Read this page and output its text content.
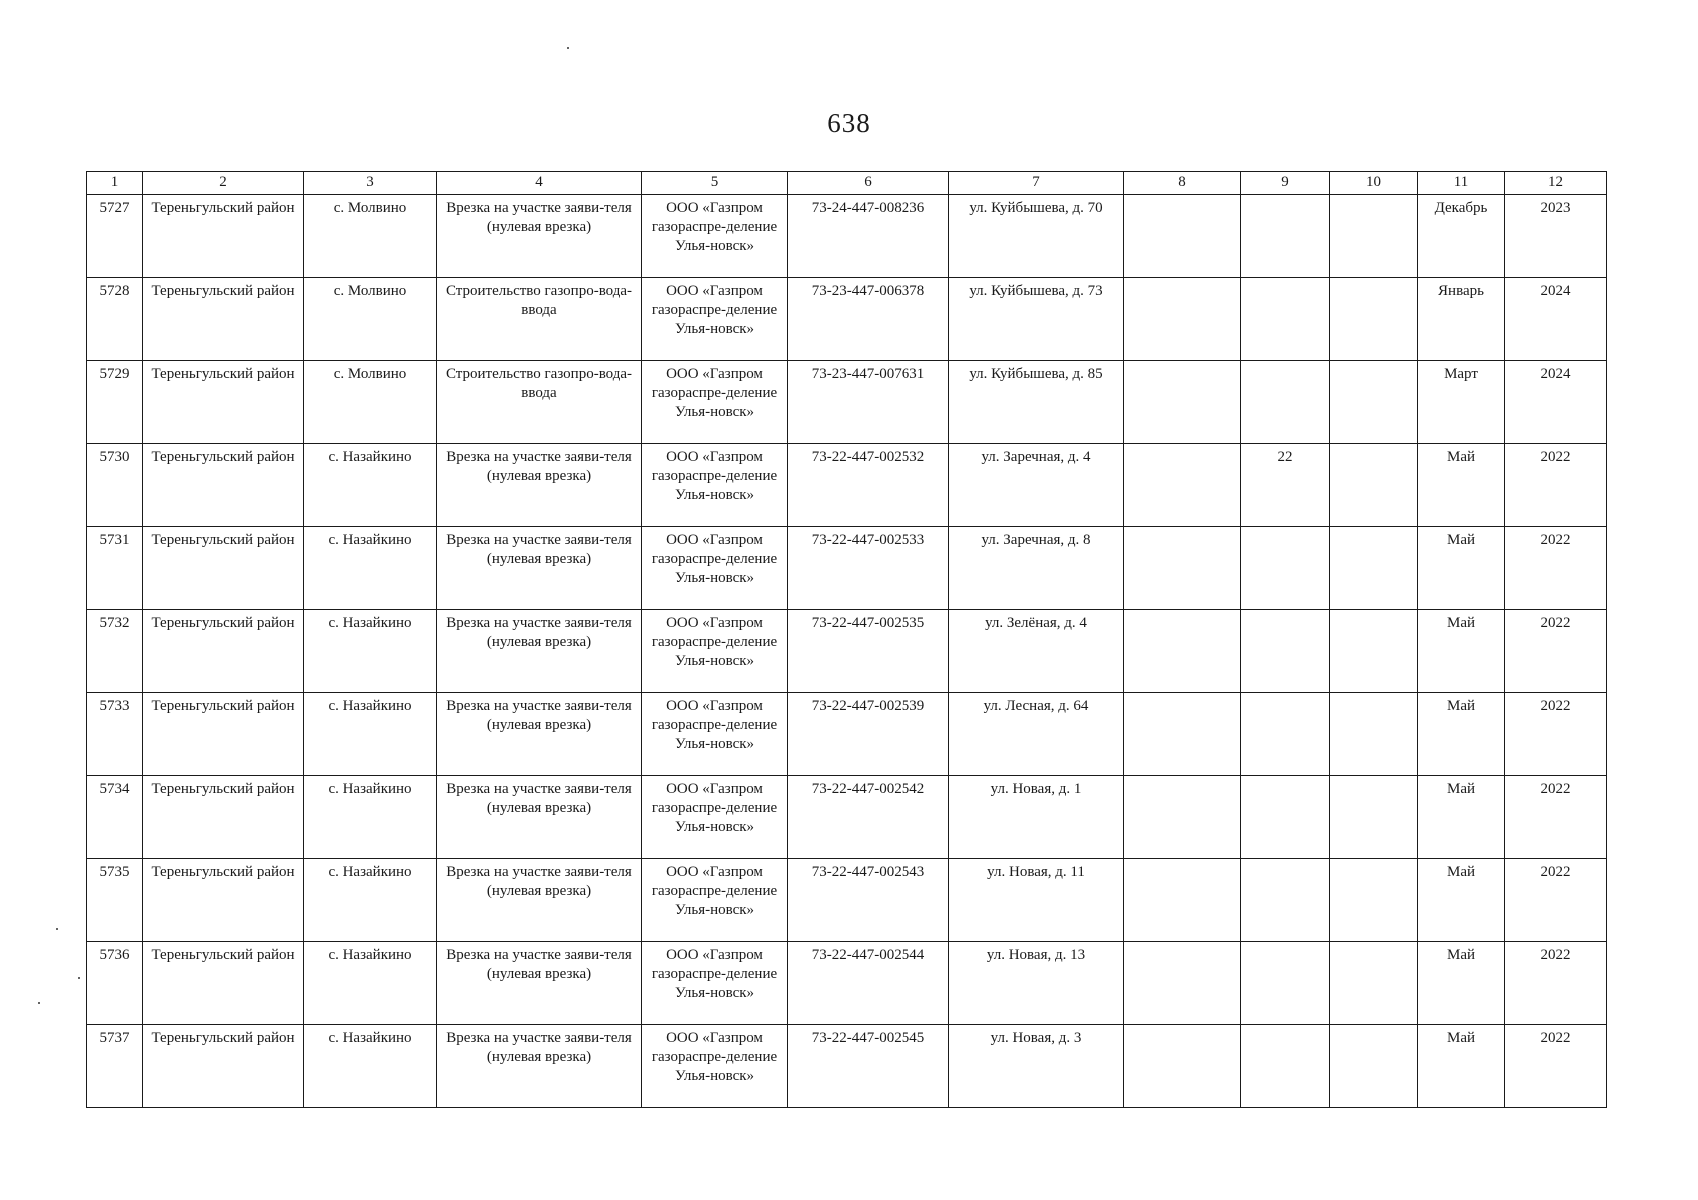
638
1	2	3	4	5	6	7	8	9	10	11	12
5727	Тереньгульский район	с. Молвино	Врезка на участке заяви-теля (нулевая врезка)	ООО «Газпром газораспре-деление Улья-новск»	73-24-447-008236	ул. Куйбышева, д. 70				Декабрь	2023
5728	Тереньгульский район	с. Молвино	Строительство газопро-вода-ввода	ООО «Газпром газораспре-деление Улья-новск»	73-23-447-006378	ул. Куйбышева, д. 73				Январь	2024
5729	Тереньгульский район	с. Молвино	Строительство газопро-вода-ввода	ООО «Газпром газораспре-деление Улья-новск»	73-23-447-007631	ул. Куйбышева, д. 85				Март	2024
5730	Тереньгульский район	с. Назайкино	Врезка на участке заяви-теля (нулевая врезка)	ООО «Газпром газораспре-деление Улья-новск»	73-22-447-002532	ул. Заречная, д. 4		22		Май	2022
5731	Тереньгульский район	с. Назайкино	Врезка на участке заяви-теля (нулевая врезка)	ООО «Газпром газораспре-деление Улья-новск»	73-22-447-002533	ул. Заречная, д. 8				Май	2022
5732	Тереньгульский район	с. Назайкино	Врезка на участке заяви-теля (нулевая врезка)	ООО «Газпром газораспре-деление Улья-новск»	73-22-447-002535	ул. Зелёная, д. 4				Май	2022
5733	Тереньгульский район	с. Назайкино	Врезка на участке заяви-теля (нулевая врезка)	ООО «Газпром газораспре-деление Улья-новск»	73-22-447-002539	ул. Лесная, д. 64				Май	2022
5734	Тереньгульский район	с. Назайкино	Врезка на участке заяви-теля (нулевая врезка)	ООО «Газпром газораспре-деление Улья-новск»	73-22-447-002542	ул. Новая, д. 1				Май	2022
5735	Тереньгульский район	с. Назайкино	Врезка на участке заяви-теля (нулевая врезка)	ООО «Газпром газораспре-деление Улья-новск»	73-22-447-002543	ул. Новая, д. 11				Май	2022
5736	Тереньгульский район	с. Назайкино	Врезка на участке заяви-теля (нулевая врезка)	ООО «Газпром газораспре-деление Улья-новск»	73-22-447-002544	ул. Новая, д. 13				Май	2022
5737	Тереньгульский район	с. Назайкино	Врезка на участке заяви-теля (нулевая врезка)	ООО «Газпром газораспре-деление Улья-новск»	73-22-447-002545	ул. Новая, д. 3				Май	2022
